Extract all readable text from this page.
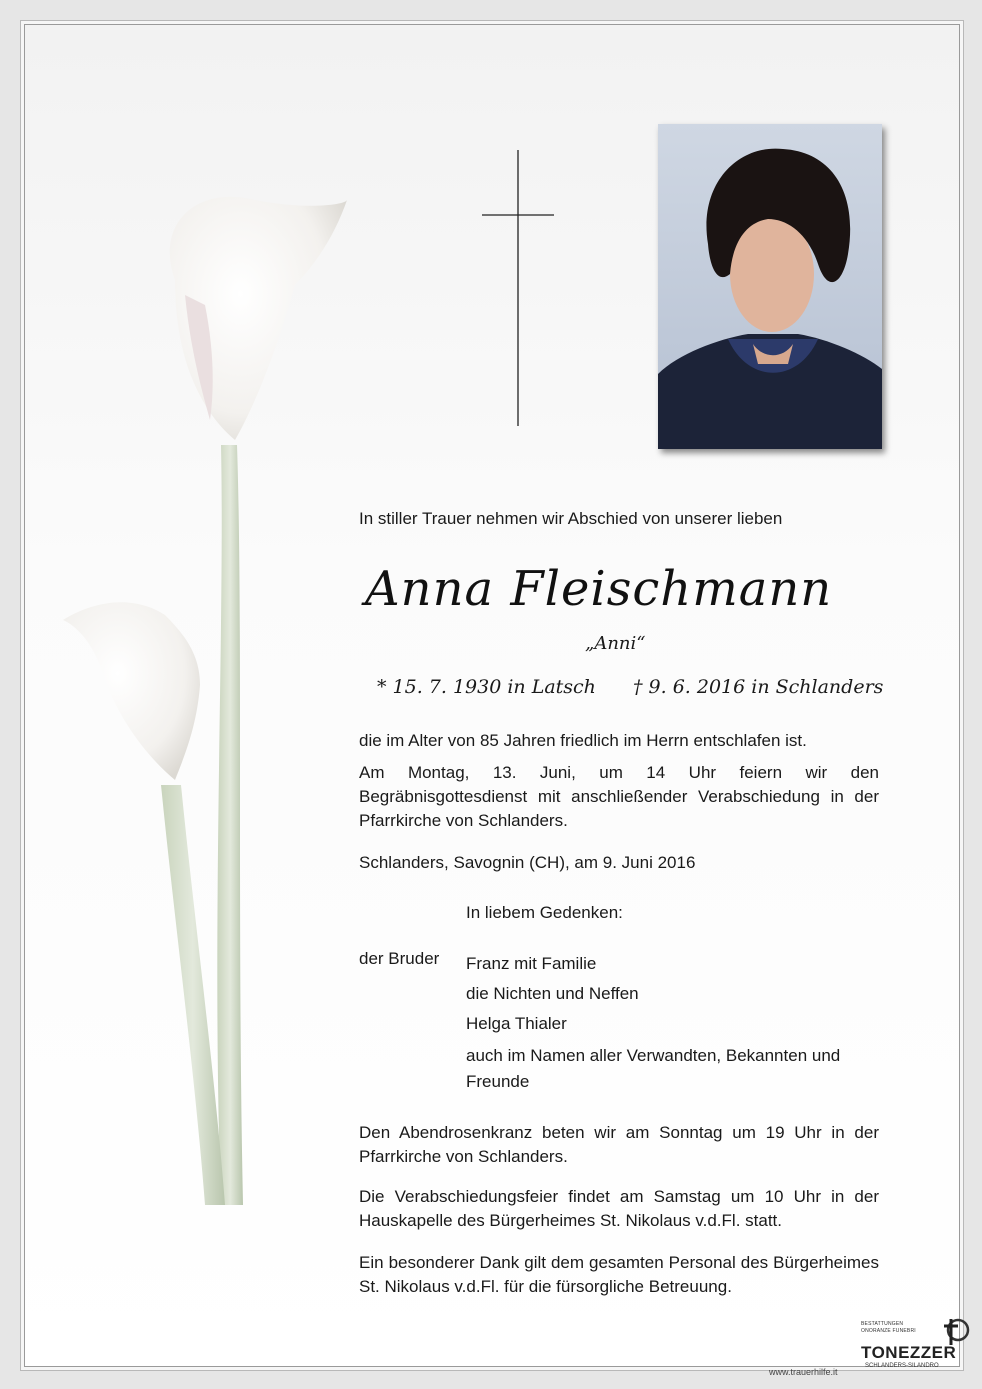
In stiller Trauer nehmen wir Abschied von unserer lieben
Anna Fleischmann
„Anni“
* 15. 7. 1930 in Latsch	† 9. 6. 2016 in Schlanders
die im Alter von 85 Jahren friedlich im Herrn entschlafen ist.
Am Montag, 13. Juni, um 14 Uhr feiern wir den Begräbnisgottesdienst mit anschließender Verabschiedung in der Pfarrkirche von Schlanders.
Schlanders, Savognin (CH), am 9. Juni 2016
In liebem Gedenken:
der Bruder Franz mit Familie
die Nichten und Neffen
Helga Thialer
auch im Namen aller Verwandten, Bekannten und Freunde
Den Abendrosenkranz beten wir am Sonntag um 19 Uhr in der Pfarrkirche von Schlanders.
Die Verabschiedungsfeier findet am Samstag um 10 Uhr in der Hauskapelle des Bürgerheimes St. Nikolaus v.d.Fl. statt.
Ein besonderer Dank gilt dem gesamten Personal des Bürgerheimes St. Nikolaus v.d.Fl. für die fürsorgliche Betreuung.
BESTATTUNGEN
ONORANZE FUNEBRI
TONEZZER
SCHLANDERS-SILANDRO
www.trauerhilfe.it
